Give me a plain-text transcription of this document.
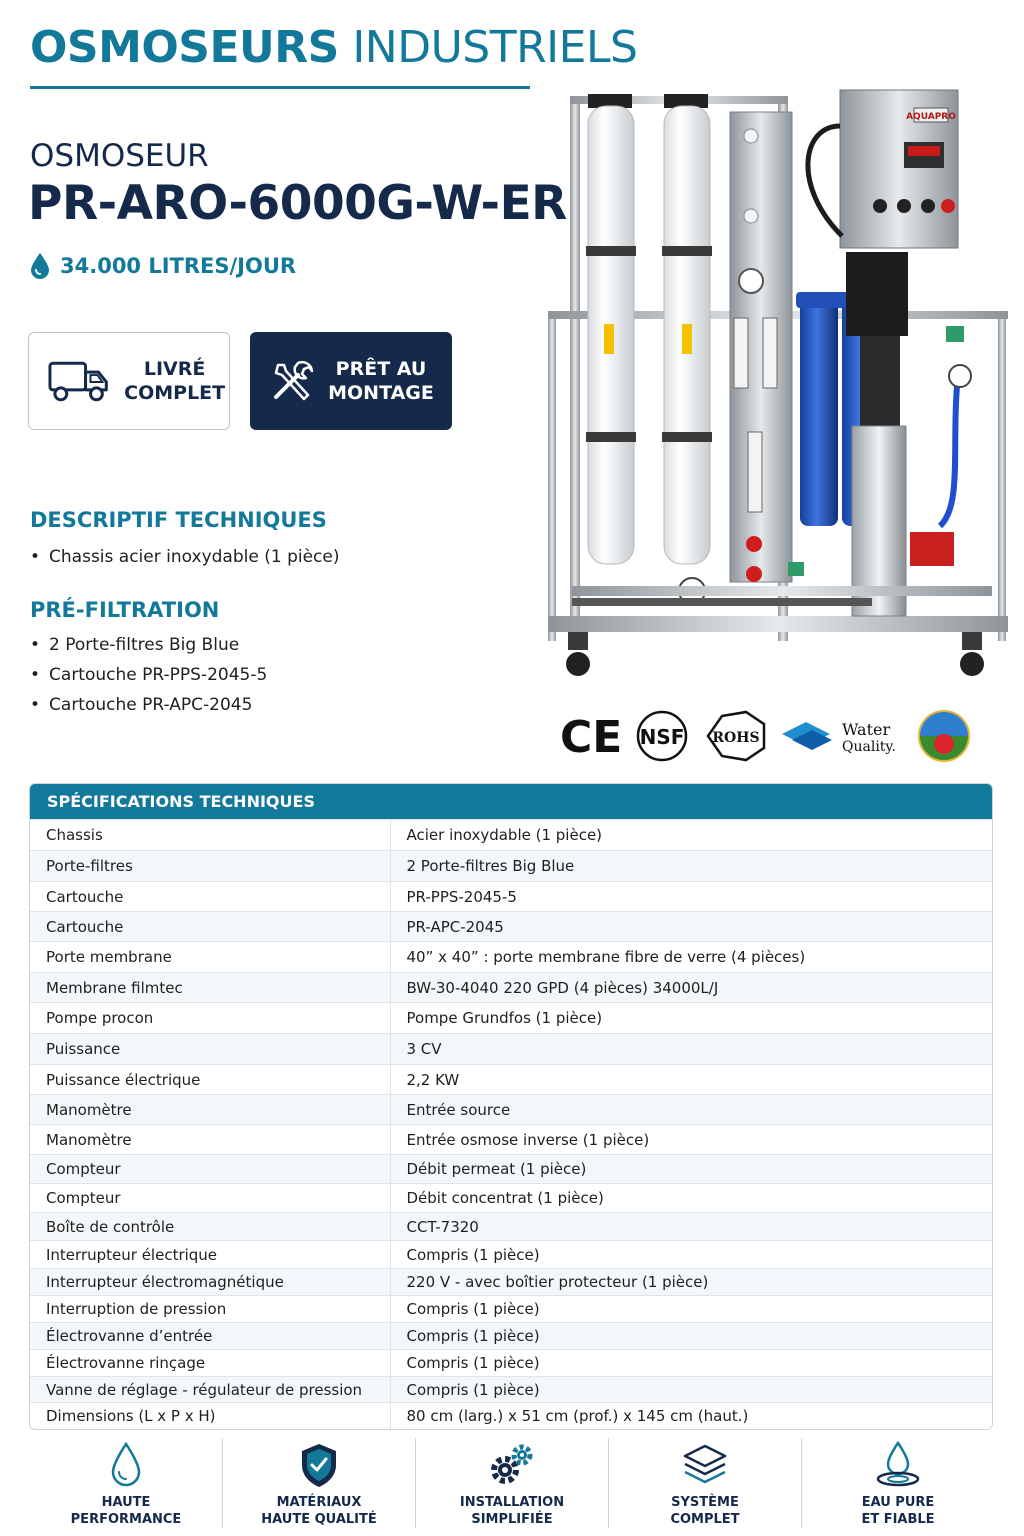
OSMOSEURS INDUSTRIELS
OSMOSEUR
PR-ARO-6000G-W-ER
34.000 LITRES/JOUR
LIVRÉ
COMPLET
PRÊT AU
MONTAGE
DESCRIPTIF TECHNIQUES
• Chassis acier inoxydable (1 pièce)
PRÉ-FILTRATION
• 2 Porte-filtres Big Blue
• Cartouche PR-PPS-2045-5
• Cartouche PR-APC-2045
AQUAPRO
CE NSF ROHS	Water
Quality.
SPÉCIFICATIONS TECHNIQUES
Chassis	Acier inoxydable (1 pièce)
Porte-filtres	2 Porte-filtres Big Blue
Cartouche	PR-PPS-2045-5
Cartouche	PR-APC-2045
Porte membrane	40” x 40” : porte membrane fibre de verre (4 pièces)
Membrane filmtec	BW-30-4040 220 GPD (4 pièces) 34000L/J
Pompe procon	Pompe Grundfos (1 pièce)
Puissance	3 CV
Puissance électrique	2,2 KW
Manomètre	Entrée source
Manomètre	Entrée osmose inverse (1 pièce)
Compteur	Débit permeat (1 pièce)
Compteur	Débit concentrat (1 pièce)
Boîte de contrôle	CCT-7320
Interrupteur électrique	Compris (1 pièce)
Interrupteur électromagnétique	220 V - avec boîtier protecteur (1 pièce)
Interruption de pression	Compris (1 pièce)
Électrovanne d’entrée	Compris (1 pièce)
Électrovanne rinçage	Compris (1 pièce)
Vanne de réglage - régulateur de pression	Compris (1 pièce)
Dimensions (L x P x H)	80 cm (larg.) x 51 cm (prof.) x 145 cm (haut.)
HAUTE
PERFORMANCE
MATÉRIAUX
HAUTE QUALITÉ
INSTALLATION
SIMPLIFIÉE
SYSTÈME
COMPLET
EAU PURE
ET FIABLE
